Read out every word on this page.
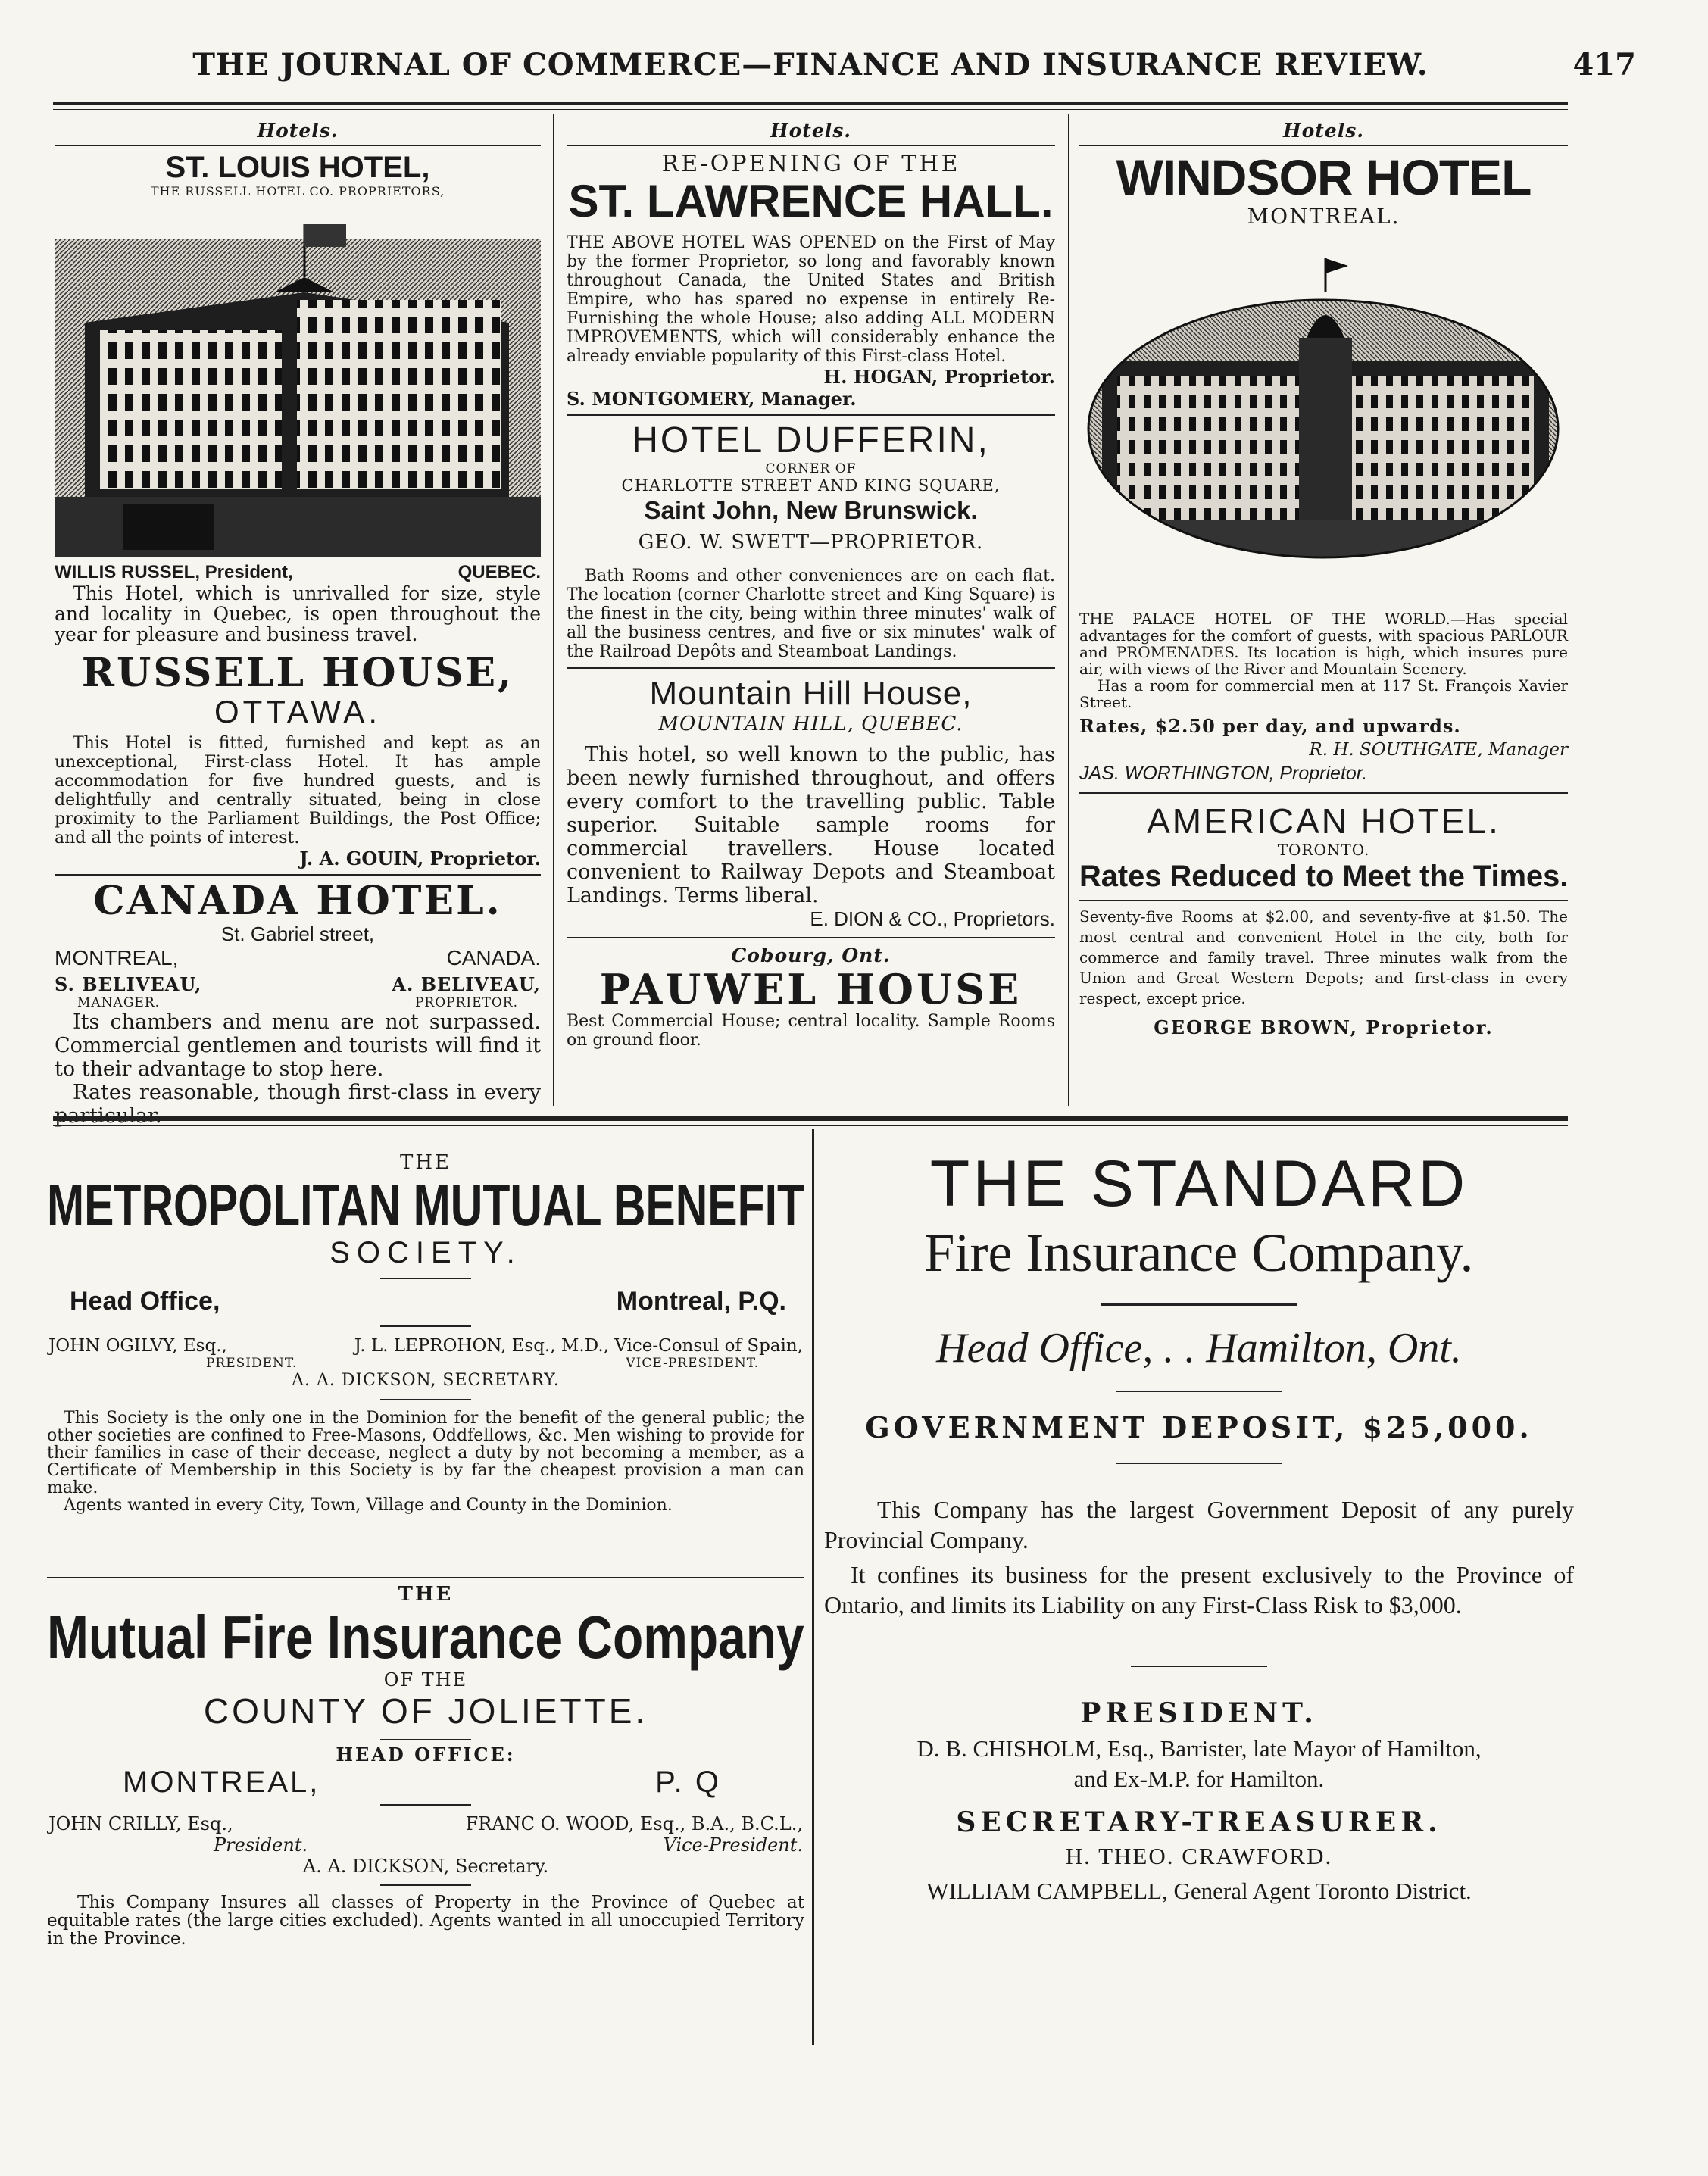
THE JOURNAL OF COMMERCE—FINANCE AND INSURANCE REVIEW.	417
Hotels.
ST. LOUIS HOTEL,
THE RUSSELL HOTEL CO. PROPRIETORS,
WILLIS RUSSEL, President,	QUEBEC.
This Hotel, which is unrivalled for size, style and locality in Quebec, is open throughout the year for pleasure and business travel.
RUSSELL HOUSE,
OTTAWA.
This Hotel is fitted, furnished and kept as an unexceptional, First-class Hotel. It has ample accommodation for five hundred guests, and is delightfully and centrally situated, being in close proximity to the Parliament Buildings, the Post Office; and all the points of interest.
J. A. GOUIN, Proprietor.
CANADA HOTEL.
St. Gabriel street,
MONTREAL,	CANADA.
S. BELIVEAU,	A. BELIVEAU,
MANAGER.	PROPRIETOR.
Its chambers and menu are not surpassed. Commercial gentlemen and tourists will find it to their advantage to stop here.
Rates reasonable, though first-class in every
Hotels.
RE-OPENING OF THE
ST. LAWRENCE HALL.
THE ABOVE HOTEL WAS OPENED on the First of May by the former Proprietor, so long and favorably known throughout Canada, the United States and British Empire, who has spared no expense in entirely Re-Furnishing the whole House; also adding ALL MODERN IMPROVEMENTS, which will considerably enhance the already enviable popularity of this First-class Hotel.
H. HOGAN, Proprietor.
S. MONTGOMERY, Manager.
HOTEL DUFFERIN,
CORNER OF
CHARLOTTE STREET AND KING SQUARE,
Saint John, New Brunswick.
GEO. W. SWETT—PROPRIETOR.
Bath Rooms and other conveniences are on each flat. The location (corner Charlotte street and King Square) is the finest in the city, being within three minutes' walk of all the business centres, and five or six minutes' walk of the Railroad Depôts and Steamboat Landings.
Mountain Hill House,
MOUNTAIN HILL, QUEBEC.
This hotel, so well known to the public, has been newly furnished throughout, and offers every comfort to the travelling public. Table superior. Suitable sample rooms for commercial travellers. House located convenient to Railway Depots and Steamboat Landings. Terms liberal.
E. DION & CO., Proprietors.
Cobourg, Ont.
PAUWEL HOUSE
Best Commercial House; central locality. Sample Rooms on ground floor.
Hotels.
WINDSOR HOTEL
MONTREAL.
THE PALACE HOTEL OF THE WORLD.—Has special advantages for the comfort of guests, with spacious PARLOUR and PROMENADES. Its location is high, which insures pure air, with views of the River and Mountain Scenery.
Has a room for commercial men at 117 St. François Xavier Street.
Rates, $2.50 per day, and upwards.
R. H. SOUTHGATE, Manager
JAS. WORTHINGTON, Proprietor.
AMERICAN HOTEL.
TORONTO.
Rates Reduced to Meet the Times.
Seventy-five Rooms at $2.00, and seventy-five at $1.50. The most central and convenient Hotel in the city, both for commerce and family travel. Three minutes walk from the Union and Great Western Depots; and first-class in every respect, except price.
GEORGE BROWN, Proprietor.
THE
METROPOLITAN MUTUAL BENEFIT
SOCIETY.
Head Office,	Montreal, P.Q.
JOHN OGILVY, Esq.,	J. L. LEPROHON, Esq., M.D., Vice-Consul of Spain,
PRESIDENT.	VICE-PRESIDENT.
A. A. DICKSON, SECRETARY.
This Society is the only one in the Dominion for the benefit of the general public; the other societies are confined to Free-Masons, Oddfellows, &c. Men wishing to provide for their families in case of their decease, neglect a duty by not becoming a member, as a Certificate of Membership in this Society is by far the cheapest provision a man can make.
Agents wanted in every City, Town, Village and County in the Dominion.
THE
Mutual Fire Insurance Company
OF THE
COUNTY OF JOLIETTE.
HEAD OFFICE:
MONTREAL,	P. Q
JOHN CRILLY, Esq.,	FRANC O. WOOD, Esq., B.A., B.C.L.,
President.	Vice-President.
A. A. DICKSON, Secretary.
This Company Insures all classes of Property in the Province of Quebec at equitable rates (the large cities excluded). Agents wanted in all unoccupied Territory in the Province.
THE STANDARD
Fire Insurance Company.
Head Office, . . Hamilton, Ont.
GOVERNMENT DEPOSIT, $25,000.
This Company has the largest Government Deposit of any purely Provincial Company.
It confines its business for the present exclusively to the Province of Ontario, and limits its Liability on any First-Class Risk to $3,000.
PRESIDENT.
D. B. CHISHOLM, Esq., Barrister, late Mayor of Hamilton,
and Ex-M.P. for Hamilton.
SECRETARY-TREASURER.
H. THEO. CRAWFORD.
WILLIAM CAMPBELL, General Agent Toronto District.
